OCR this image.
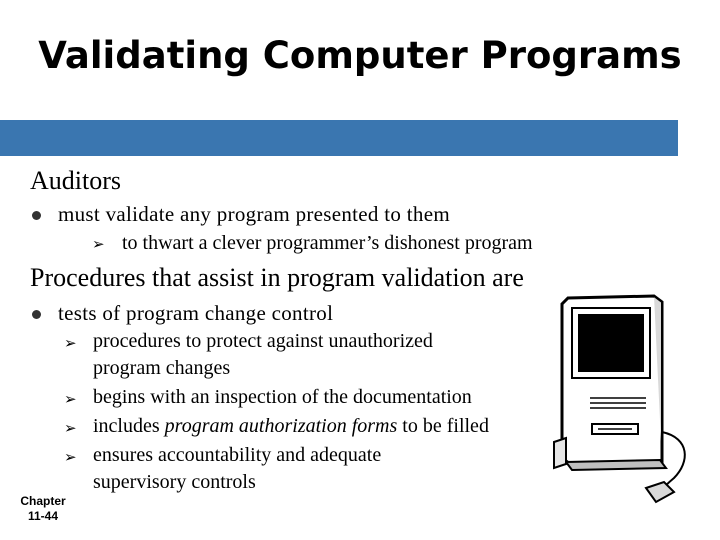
Validating Computer Programs
Auditors
must validate any program presented to them
➢ to thwart a clever programmer’s dishonest program
Procedures that assist in program validation are
tests of program change control
➢ procedures to protect against unauthorized
program changes
➢ begins with an inspection of the documentation
➢ includes program authorization forms to be filled
➢ ensures accountability and adequate
supervisory controls
Chapter
11-44
